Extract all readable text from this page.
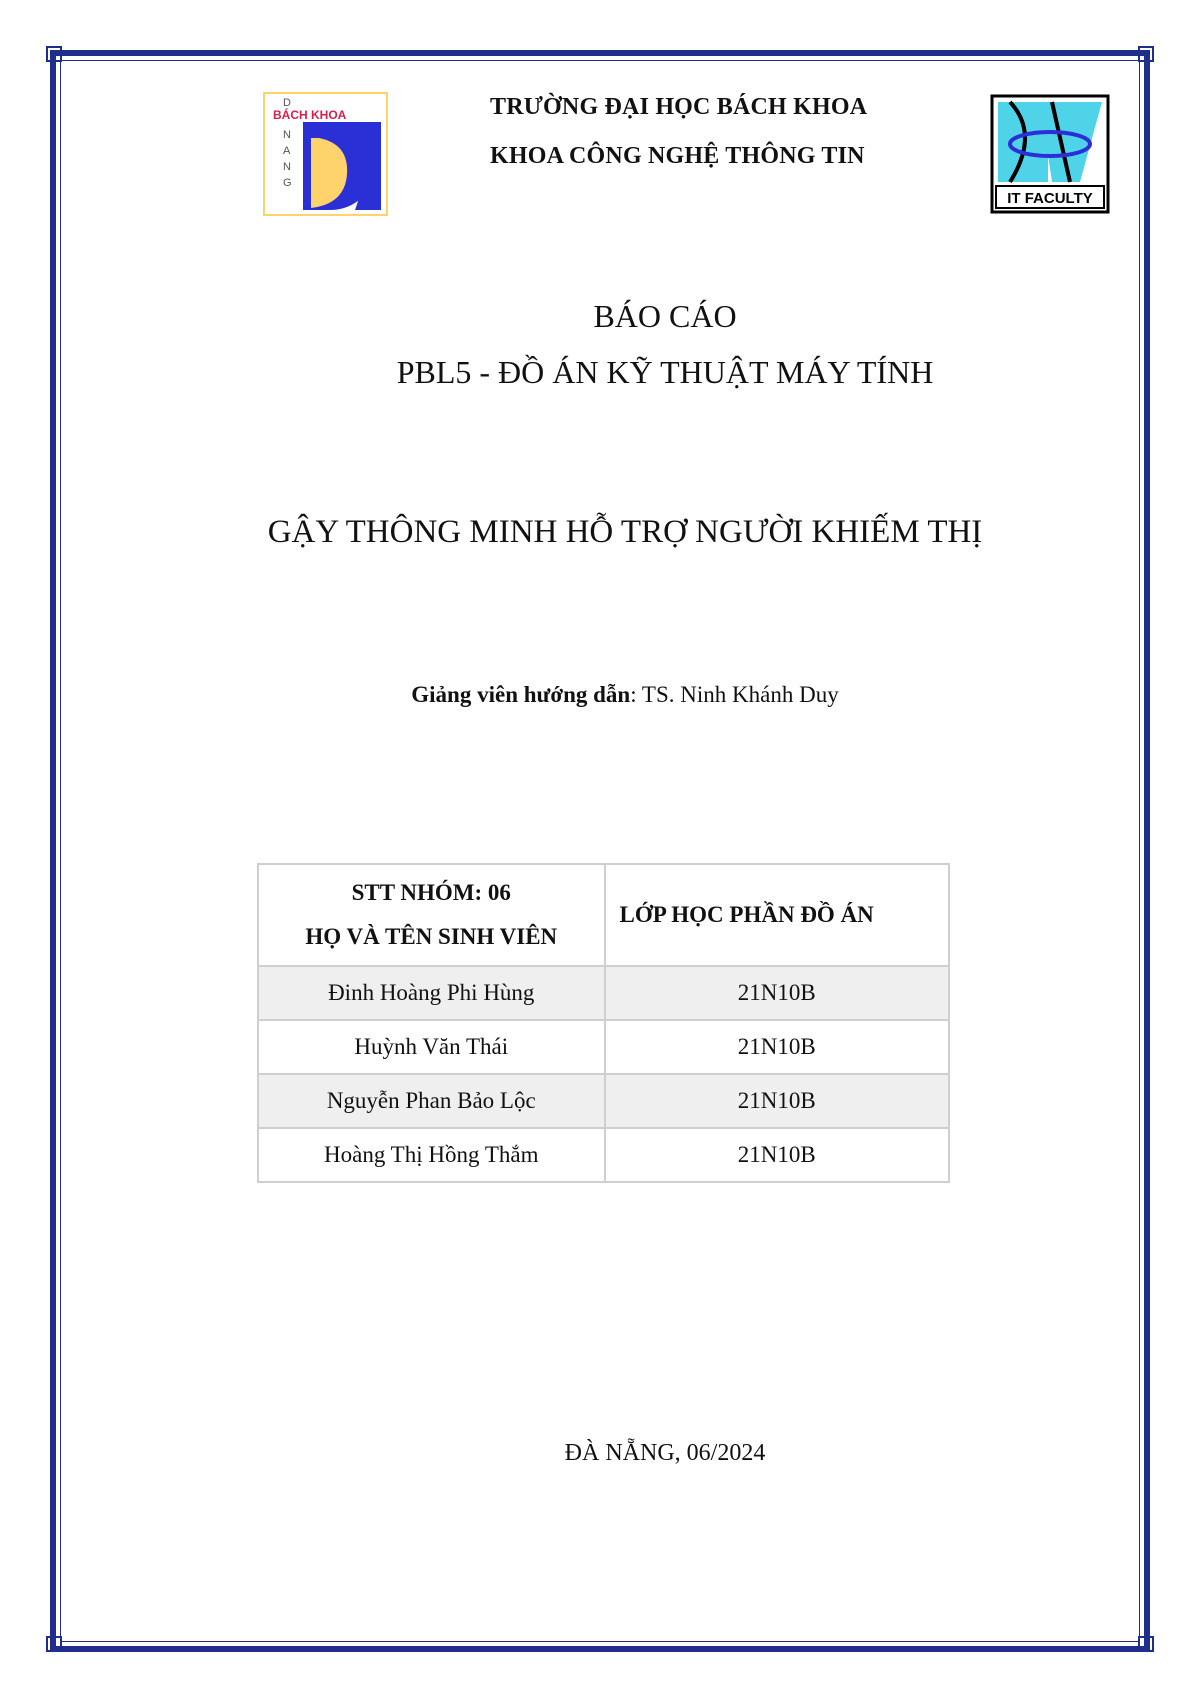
D
BÁCH KHOA
N
A
N
G
IT FACULTY
TRƯỜNG ĐẠI HỌC BÁCH KHOA
KHOA CÔNG NGHỆ THÔNG TIN
BÁO CÁO
PBL5 - ĐỒ ÁN KỸ THUẬT MÁY TÍNH
GẬY THÔNG MINH HỖ TRỢ NGƯỜI KHIẾM THỊ
Giảng viên hướng dẫn: TS. Ninh Khánh Duy
STT NHÓM: 06
HỌ VÀ TÊN SINH VIÊN	LỚP HỌC PHẦN ĐỒ ÁN
Đinh Hoàng Phi Hùng	21N10B
Huỳnh Văn Thái	21N10B
Nguyễn Phan Bảo Lộc	21N10B
Hoàng Thị Hồng Thắm	21N10B
ĐÀ NẴNG, 06/2024
